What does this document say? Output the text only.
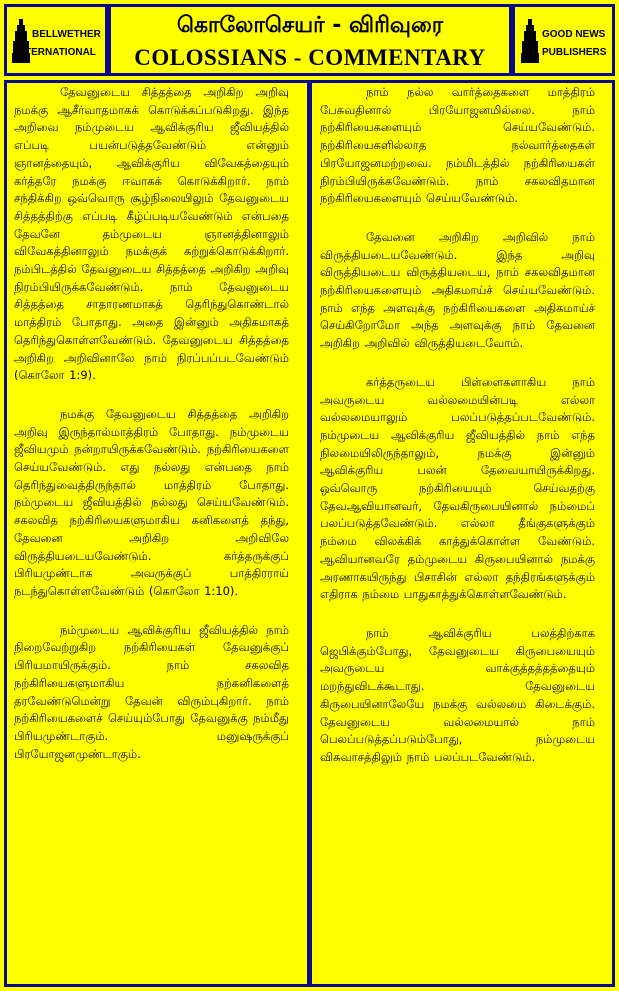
BELLWETHER
INTERNATIONAL
கொலோசெயர் - விரிவுரை
COLOSSIANS - COMMENTARY
GOOD NEWS
PUBLISHERS

தேவனுடைய சித்தத்தை அறிகிற அறிவு நமக்கு ஆசீர்வாதமாகக் கொடுக்கப்படுகிறது. இந்த அறிவை நம்முடைய ஆவிக்குரிய ஜீவியத்தில் எப்படி பயன்படுத்தவேண்டும் என்னும் ஞானத்தையும், ஆவிக்குரிய விவேகத்தையும் கர்த்தரே நமக்கு ஈவாகக் கொடுக்கிறார். நாம் சந்திக்கிற ஒவ்வொரு சூழ்நிலையிலும் தேவனுடைய சித்தத்திற்கு எப்படி கீழ்ப்படியவேண்டும் என்பதை தேவனே தம்முடைய ஞானத்தினாலும் விவேகத்தினாலும் நமக்குக் கற்றுக்கொடுக்கிறார். நம்பிடத்தில் தேவனுடைய சித்தத்தை அறிகிற அறிவு நிரம்பியிருக்கவேண்டும். நாம் தேவனுடைய சித்தத்தை சாதாரணமாகத் தெரிந்துகொண்டால் மாத்திரம் போதாது. அதை இன்னும் அதிகமாகத் தெரிந்துகொள்ளவேண்டும். தேவனுடைய சித்தத்தை அறிகிற அறிவினாலே நாம் நிரப்பப்படவேண்டும் (கொலோ 1:9).

நமக்கு தேவனுடைய சித்தத்தை அறிகிற அறிவு இருந்தால்மாத்திரம் போதாது. நம்முடைய ஜீவியமும் நன்றாயிருக்கவேண்டும். நற்கிரியைகளை செய்யவேண்டும். எது நல்லது என்பதை நாம் தெரிந்துவைத்திருந்தால் மாத்திரம் போதாது. நம்முடைய ஜீவியத்தில் நல்லது செய்யவேண்டும். சகலவித நற்கிரியைகளுமாகிய கனிகளைத் தந்து, தேவனை அறிகிற அறிவிலே விருத்தியடையவேண்டும். கர்த்தருக்குப் பிரியமுண்டாக அவருக்குப் பாத்திரராய் நடந்துகொள்ளவேண்டும் (கொலோ 1:10).

நம்முடைய ஆவிக்குரிய ஜீவியத்தில் நாம் நிறைவேற்றுகிற நற்கிரியைகள் தேவனுக்குப் பிரியமாயிருக்கும். நாம் சகலவித நற்கிரியைகளுமாகிய நற்கனிகளைத் தரவேண்டுமென்று தேவன் விரும்புகிறார். நாம் நற்கிரியைகளைச் செய்யும்போது தேவனுக்கு நம்மீது பிரியமுண்டாகும். மனுஷருக்குப் பிரயோஜனமுண்டாகும்.

நாம் நல்ல வார்த்தைகளை மாத்திரம் பேசுவதினால் பிரயோஜனமில்லை. நாம் நற்கிரியைகளையும் செய்யவேண்டும். நற்கிரியைகளில்லாத நல்வார்த்தைகள் பிரயோஜனமற்றவை. நம்மிடத்தில் நற்கிரியைகள் நிரம்பியிருக்கவேண்டும். நாம் சகலவிதமான நற்கிரியைகளையும் செய்யவேண்டும்.

தேவனை அறிகிற அறிவில் நாம் விருத்தியடையவேண்டும். இந்த அறிவு விருத்தியடைய விருத்தியடைய, நாம் சகலவிதமான நற்கிரியைகளையும் அதிகமாய்ச் செய்யவேண்டும். நாம் எந்த அளவுக்கு நற்கிரியைகளை அதிகமாய்ச் செய்கிறோமோ அந்த அளவுக்கு நாம் தேவனை அறிகிற அறிவில் விருத்தியடைவோம்.

கர்த்தருடைய பிள்ளைகளாகிய நாம் அவருடைய வல்லமையின்படி எல்லா வல்லமையாலும் பலப்படுத்தப்படவேண்டும். நம்முடைய ஆவிக்குரிய ஜீவியத்தில் நாம் எந்த நிலமையிலிருந்தாலும், நமக்கு இன்னும் ஆவிக்குரிய பலன் தேவையாயிருக்கிறது. ஒவ்வொரு நற்கிரியையும் செய்வதற்கு தேவஆவியானவர், தேவகிருபையினால் நம்மைப் பலப்படுத்தவேண்டும். எல்லா தீங்குகளுக்கும் நம்மை விலக்கிக் காத்துக்கொள்ள வேண்டும். ஆவியானவரே தம்முடைய கிருபையினால் நமக்கு அரணாகயிருந்து பிசாசின் எல்லா தந்திரங்களுக்கும் எதிராக நம்மை பாதுகாத்துக்கொள்ளவேண்டும்.

நாம் ஆவிக்குரிய பலத்திற்காக ஜெபிக்கும்போது, தேவனுடைய கிருபையையும் அவருடைய வாக்குத்தத்தத்தையும் மறந்துவிடக்கூடாது. தேவனுடைய கிருபையினாலேயே நமக்கு வல்லமை கிடைக்கும். தேவனுடைய வல்லமையால் நாம் பெலப்படுத்தப்படும்போது, நம்முடைய விசுவாசத்திலும் நாம் பலப்படவேண்டும்.
